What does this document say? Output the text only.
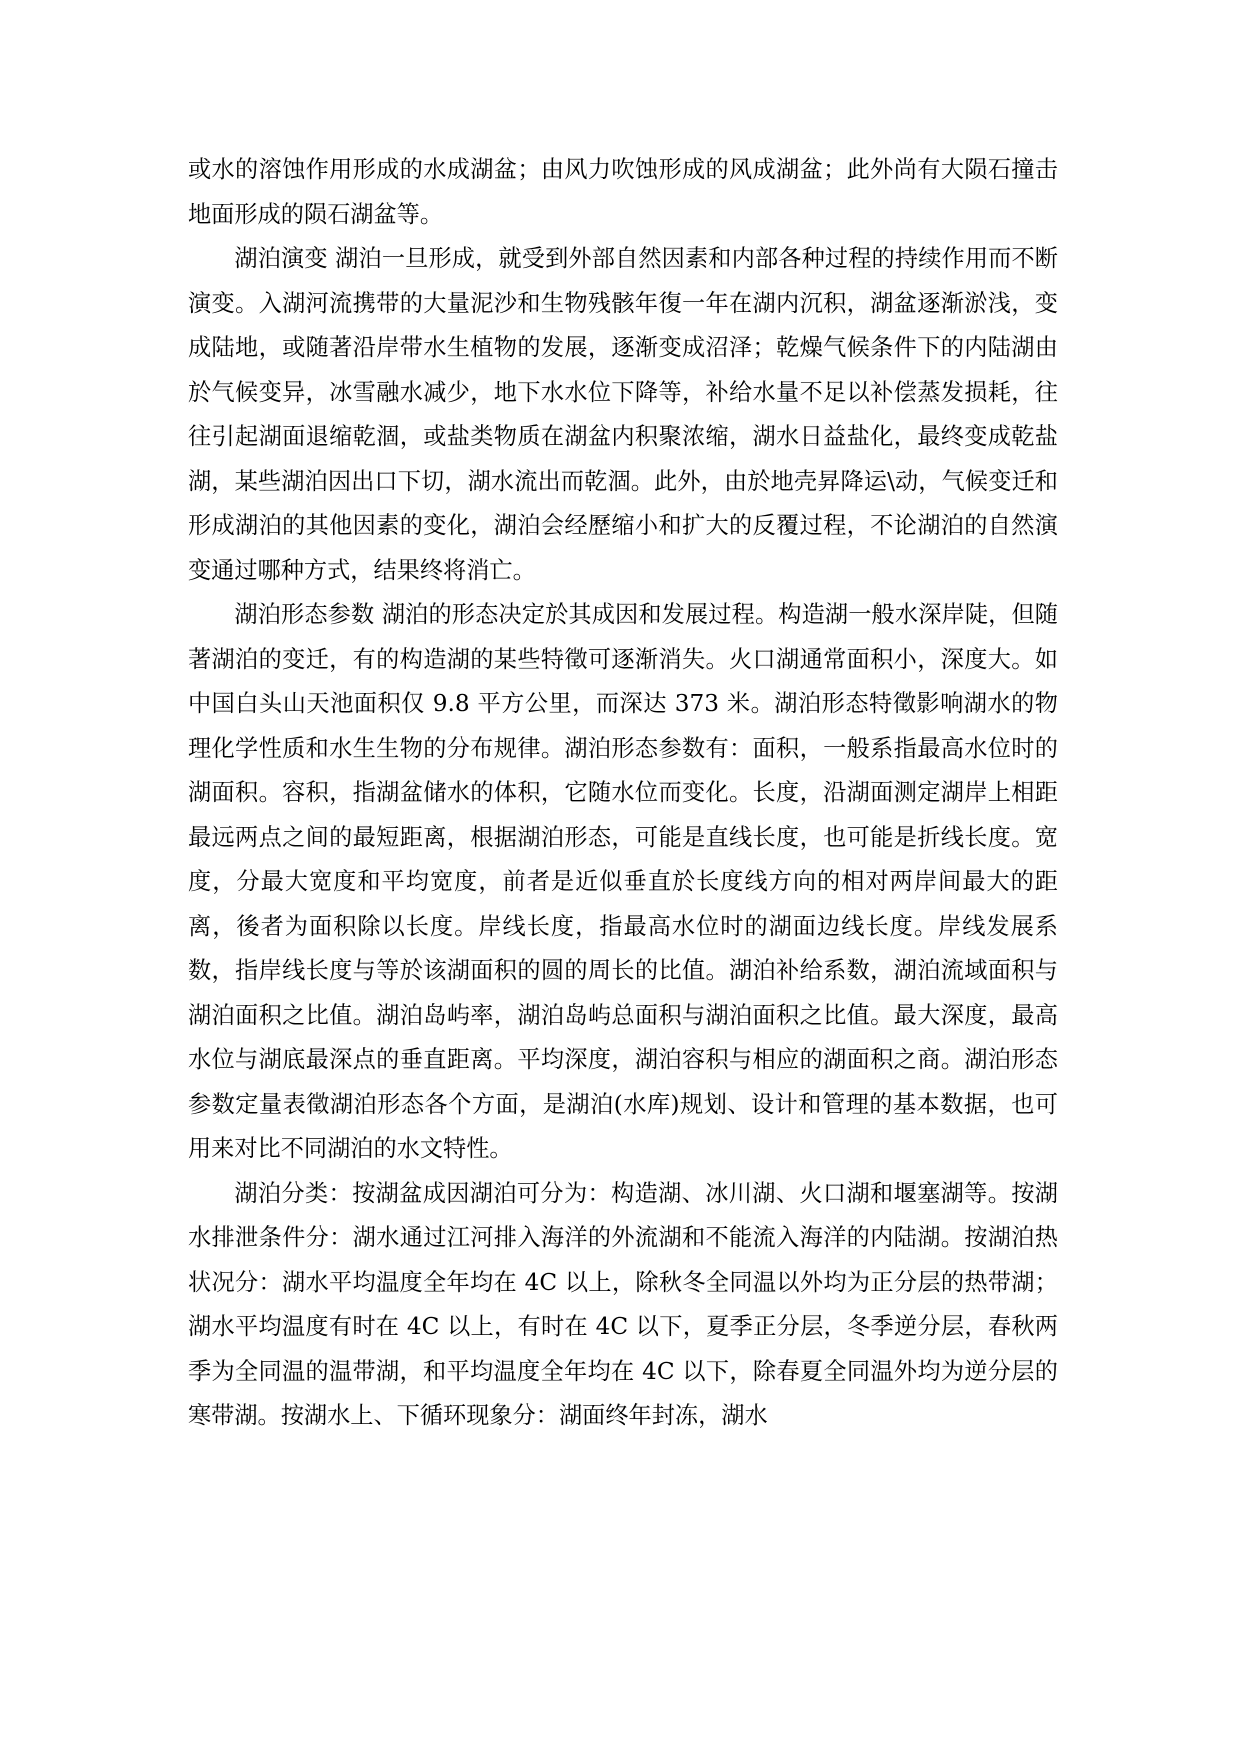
或水的溶蚀作用形成的水成湖盆；由风力吹蚀形成的风成湖盆；此外尚有大陨石撞击地面形成的陨石湖盆等。

湖泊演变 湖泊一旦形成，就受到外部自然因素和内部各种过程的持续作用而不断演变。入湖河流携带的大量泥沙和生物残骸年復一年在湖内沉积，湖盆逐渐淤浅，变成陆地，或随著沿岸带水生植物的发展，逐渐变成沼泽；乾燥气候条件下的内陆湖由於气候变异，冰雪融水减少，地下水水位下降等，补给水量不足以补偿蒸发损耗，往往引起湖面退缩乾涸，或盐类物质在湖盆内积聚浓缩，湖水日益盐化，最终变成乾盐湖，某些湖泊因出口下切，湖水流出而乾涸。此外，由於地壳昇降运\动，气候变迁和形成湖泊的其他因素的变化，湖泊会经歷缩小和扩大的反覆过程，不论湖泊的自然演变通过哪种方式，结果终将消亡。

湖泊形态参数 湖泊的形态决定於其成因和发展过程。构造湖一般水深岸陡，但随著湖泊的变迁，有的构造湖的某些特徵可逐渐消失。火口湖通常面积小，深度大。如中国白头山天池面积仅 9.8 平方公里，而深达 373 米。湖泊形态特徵影响湖水的物理化学性质和水生生物的分布规律。湖泊形态参数有：面积，一般系指最高水位时的湖面积。容积，指湖盆储水的体积，它随水位而变化。长度，沿湖面测定湖岸上相距最远两点之间的最短距离，根据湖泊形态，可能是直线长度，也可能是折线长度。宽度，分最大宽度和平均宽度，前者是近似垂直於长度线方向的相对两岸间最大的距离，後者为面积除以长度。岸线长度，指最高水位时的湖面边线长度。岸线发展系数，指岸线长度与等於该湖面积的圆的周长的比值。湖泊补给系数，湖泊流域面积与湖泊面积之比值。湖泊岛屿率，湖泊岛屿总面积与湖泊面积之比值。最大深度，最高水位与湖底最深点的垂直距离。平均深度，湖泊容积与相应的湖面积之商。湖泊形态参数定量表徵湖泊形态各个方面，是湖泊(水库)规划、设计和管理的基本数据，也可用来对比不同湖泊的水文特性。

湖泊分类：按湖盆成因湖泊可分为：构造湖、冰川湖、火口湖和堰塞湖等。按湖水排泄条件分：湖水通过江河排入海洋的外流湖和不能流入海洋的内陆湖。按湖泊热状况分：湖水平均温度全年均在 4C 以上，除秋冬全同温以外均为正分层的热带湖；湖水平均温度有时在 4C 以上，有时在 4C 以下，夏季正分层，冬季逆分层，春秋两季为全同温的温带湖，和平均温度全年均在 4C 以下，除春夏全同温外均为逆分层的寒带湖。按湖水上、下循环现象分：湖面终年封冻，湖水
